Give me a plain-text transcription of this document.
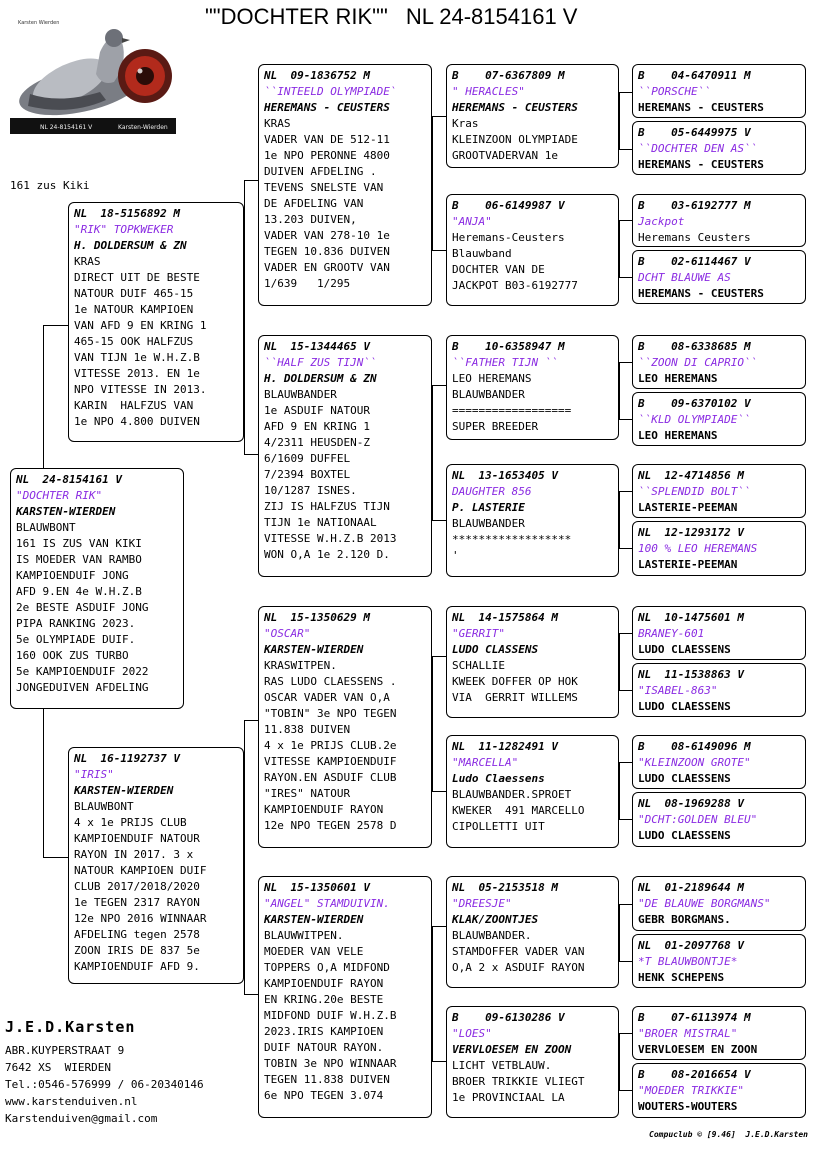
""DOCHTER RIK"" NL 24-8154161 V
Karsten Wierden
NL 24-8154161 V	Karsten-Wierden
161 zus Kiki
NL  24-8154161 V
"DOCHTER RIK"
KARSTEN-WIERDEN
BLAUWBONT
161 IS ZUS VAN KIKI
IS MOEDER VAN RAMBO
KAMPIOENDUIF JONG
AFD 9.EN 4e W.H.Z.B
2e BESTE ASDUIF JONG
PIPA RANKING 2023.
5e OLYMPIADE DUIF.
160 OOK ZUS TURBO
5e KAMPIOENDUIF 2022
JONGEDUIVEN AFDELING
NL  18-5156892 M
"RIK" TOPKWEKER
H. DOLDERSUM & ZN
KRAS
DIRECT UIT DE BESTE
NATOUR DUIF 465-15
1e NATOUR KAMPIOEN
VAN AFD 9 EN KRING 1
465-15 OOK HALFZUS
VAN TIJN 1e W.H.Z.B
VITESSE 2013. EN 1e
NPO VITESSE IN 2013.
KARIN  HALFZUS VAN
1e NPO 4.800 DUIVEN
NL  16-1192737 V
"IRIS"
KARSTEN-WIERDEN
BLAUWBONT
4 x 1e PRIJS CLUB
KAMPIOENDUIF NATOUR
RAYON IN 2017. 3 x
NATOUR KAMPIOEN DUIF
CLUB 2017/2018/2020
1e TEGEN 2317 RAYON
12e NPO 2016 WINNAAR
AFDELING tegen 2578
ZOON IRIS DE 837 5e
KAMPIOENDUIF AFD 9.
NL  09-1836752 M
``INTEELD OLYMPIADE`
HEREMANS - CEUSTERS
KRAS
VADER VAN DE 512-11
1e NPO PERONNE 4800
DUIVEN AFDELING .
TEVENS SNELSTE VAN
DE AFDELING VAN
13.203 DUIVEN,
VADER VAN 278-10 1e
TEGEN 10.836 DUIVEN
VADER EN GROOTV VAN
1/639   1/295
NL  15-1344465 V
``HALF ZUS TIJN``
H. DOLDERSUM & ZN
BLAUWBANDER
1e ASDUIF NATOUR
AFD 9 EN KRING 1
4/2311 HEUSDEN-Z
6/1609 DUFFEL
7/2394 BOXTEL
10/1287 ISNES.
ZIJ IS HALFZUS TIJN
TIJN 1e NATIONAAL
VITESSE W.H.Z.B 2013
WON O,A 1e 2.120 D.
NL  15-1350629 M
"OSCAR"
KARSTEN-WIERDEN
KRASWITPEN.
RAS LUDO CLAESSENS .
OSCAR VADER VAN O,A
"TOBIN" 3e NPO TEGEN
11.838 DUIVEN
4 x 1e PRIJS CLUB.2e
VITESSE KAMPIOENDUIF
RAYON.EN ASDUIF CLUB
"IRES" NATOUR
KAMPIOENDUIF RAYON
12e NPO TEGEN 2578 D
NL  15-1350601 V
"ANGEL" STAMDUIVIN.
KARSTEN-WIERDEN
BLAUWWITPEN.
MOEDER VAN VELE
TOPPERS O,A MIDFOND
KAMPIOENDUIF RAYON
EN KRING.20e BESTE
MIDFOND DUIF W.H.Z.B
2023.IRIS KAMPIOEN
DUIF NATOUR RAYON.
TOBIN 3e NPO WINNAAR
TEGEN 11.838 DUIVEN
6e NPO TEGEN 3.074
B    07-6367809 M
" HERACLES"
HEREMANS - CEUSTERS
Kras
KLEINZOON OLYMPIADE
GROOTVADERVAN 1e
B    06-6149987 V
"ANJA"
Heremans-Ceusters
Blauwband
DOCHTER VAN DE
JACKPOT B03-6192777
B    10-6358947 M
``FATHER TIJN ``
LEO HEREMANS
BLAUWBANDER
==================
SUPER BREEDER
NL  13-1653405 V
DAUGHTER 856
P. LASTERIE
BLAUWBANDER
******************
'
NL  14-1575864 M
"GERRIT"
LUDO CLASSENS
SCHALLIE
KWEEK DOFFER OP HOK
VIA  GERRIT WILLEMS
NL  11-1282491 V
"MARCELLA"
Ludo Claessens
BLAUWBANDER.SPROET
KWEKER  491 MARCELLO
CIPOLLETTI UIT
NL  05-2153518 M
"DREESJE"
KLAK/ZOONTJES
BLAUWBANDER.
STAMDOFFER VADER VAN
O,A 2 x ASDUIF RAYON
B    09-6130286 V
"LOES"
VERVLOESEM EN ZOON
LICHT VETBLAUW.
BROER TRIKKIE VLIEGT
1e PROVINCIAAL LA
B    04-6470911 M
``PORSCHE``
HEREMANS - CEUSTERS
B    05-6449975 V
``DOCHTER DEN AS``
HEREMANS - CEUSTERS
B    03-6192777 M
Jackpot
Heremans Ceusters
B    02-6114467 V
DCHT BLAUWE AS
HEREMANS - CEUSTERS
B    08-6338685 M
``ZOON DI CAPRIO``
LEO HEREMANS
B    09-6370102 V
``KLD OLYMPIADE``
LEO HEREMANS
NL  12-4714856 M
``SPLENDID BOLT``
LASTERIE-PEEMAN
NL  12-1293172 V
100 % LEO HEREMANS
LASTERIE-PEEMAN
NL  10-1475601 M
BRANEY-601
LUDO CLAESSENS
NL  11-1538863 V
"ISABEL-863"
LUDO CLAESSENS
B    08-6149096 M
"KLEINZOON GROTE"
LUDO CLAESSENS
NL  08-1969288 V
"DCHT:GOLDEN BLEU"
LUDO CLAESSENS
NL  01-2189644 M
"DE BLAUWE BORGMANS"
GEBR BORGMANS.
NL  01-2097768 V
*T BLAUWBONTJE*
HENK SCHEPENS
B    07-6113974 M
"BROER MISTRAL"
VERVLOESEM EN ZOON
B    08-2016654 V
"MOEDER TRIKKIE"
WOUTERS-WOUTERS
J.E.D.Karsten
ABR.KUYPERSTRAAT 9
7642 XS  WIERDEN
Tel.:0546-576999 / 06-20340146
www.karstenduiven.nl
Karstenduiven@gmail.com
Compuclub © [9.46]  J.E.D.Karsten
